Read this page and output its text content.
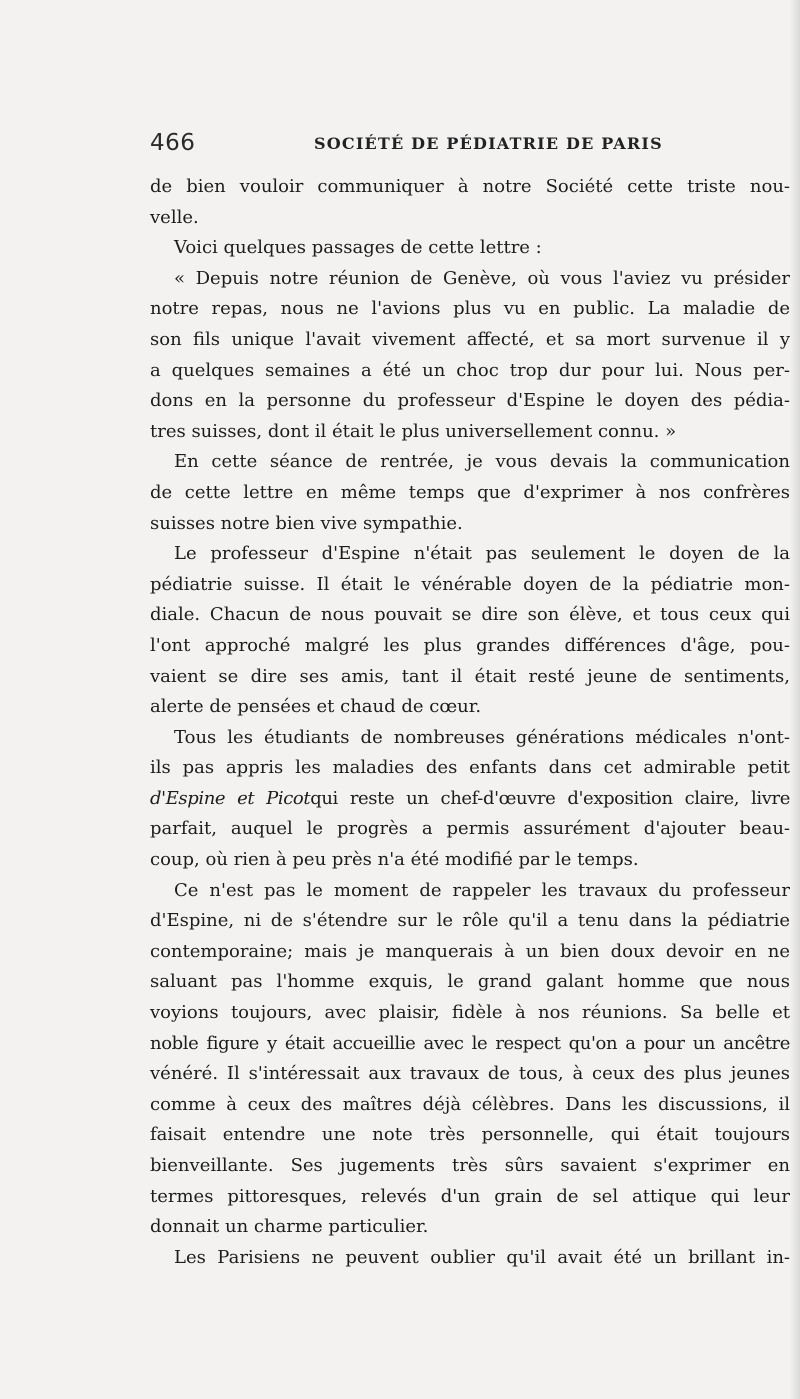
466	SOCIÉTÉ DE PÉDIATRIE DE PARIS
de bien vouloir communiquer à notre Société cette triste nou-
velle.
Voici quelques passages de cette lettre :
« Depuis notre réunion de Genève, où vous l'aviez vu présider
notre repas, nous ne l'avions plus vu en public. La maladie de
son fils unique l'avait vivement affecté, et sa mort survenue il y
a quelques semaines a été un choc trop dur pour lui. Nous per-
dons en la personne du professeur d'Espine le doyen des pédia-
tres suisses, dont il était le plus universellement connu. »
En cette séance de rentrée, je vous devais la communication
de cette lettre en même temps que d'exprimer à nos confrères
suisses notre bien vive sympathie.
Le professeur d'Espine n'était pas seulement le doyen de la
pédiatrie suisse. Il était le vénérable doyen de la pédiatrie mon-
diale. Chacun de nous pouvait se dire son élève, et tous ceux qui
l'ont approché malgré les plus grandes différences d'âge, pou-
vaient se dire ses amis, tant il était resté jeune de sentiments,
alerte de pensées et chaud de cœur.
Tous les étudiants de nombreuses générations médicales n'ont-
ils pas appris les maladies des enfants dans cet admirable petit
d'Espine et Picotqui reste un chef-d'œuvre d'exposition claire, livre
parfait, auquel le progrès a permis assurément d'ajouter beau-
coup, où rien à peu près n'a été modifié par le temps.
Ce n'est pas le moment de rappeler les travaux du professeur
d'Espine, ni de s'étendre sur le rôle qu'il a tenu dans la pédiatrie
contemporaine; mais je manquerais à un bien doux devoir en ne
saluant pas l'homme exquis, le grand galant homme que nous
voyions toujours, avec plaisir, fidèle à nos réunions. Sa belle et
noble figure y était accueillie avec le respect qu'on a pour un ancêtre
vénéré. Il s'intéressait aux travaux de tous, à ceux des plus jeunes
comme à ceux des maîtres déjà célèbres. Dans les discussions, il
faisait entendre une note très personnelle, qui était toujours
bienveillante. Ses jugements très sûrs savaient s'exprimer en
termes pittoresques, relevés d'un grain de sel attique qui leur
donnait un charme particulier.
Les Parisiens ne peuvent oublier qu'il avait été un brillant in-
